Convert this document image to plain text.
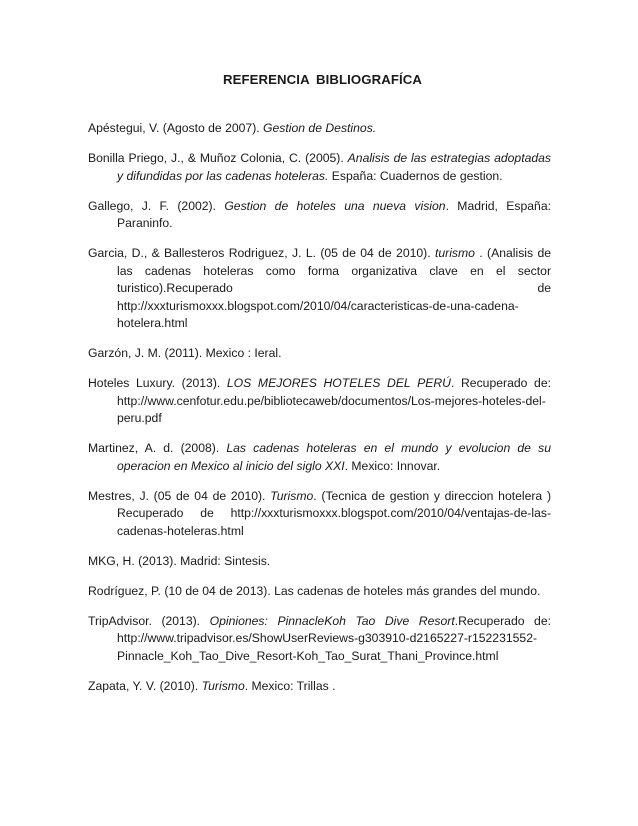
REFERENCIA BIBLIOGRAFÍCA

Apéstegui, V. (Agosto de 2007). Gestion de Destinos.

Bonilla Priego, J., & Muñoz Colonia, C. (2005). Analisis de las estrategias adoptadas y difundidas por las cadenas hoteleras. España: Cuadernos de gestion.

Gallego, J. F. (2002). Gestion de hoteles una nueva vision. Madrid, España: Paraninfo.

Garcia, D., & Ballesteros Rodriguez, J. L. (05 de 04 de 2010). turismo . (Analisis de las cadenas hoteleras como forma organizativa clave en el sector turistico).Recuperado de http://xxxturismoxxx.blogspot.com/2010/04/caracteristicas-de-una-cadena-hotelera.html

Garzón, J. M. (2011). Mexico : Ieral.

Hoteles Luxury. (2013). LOS MEJORES HOTELES DEL PERÚ. Recuperado de: http://www.cenfotur.edu.pe/bibliotecaweb/documentos/Los-mejores-hoteles-del-peru.pdf

Martinez, A. d. (2008). Las cadenas hoteleras en el mundo y evolucion de su operacion en Mexico al inicio del siglo XXI. Mexico: Innovar.

Mestres, J. (05 de 04 de 2010). Turismo. (Tecnica de gestion y direccion hotelera ) Recuperado de http://xxxturismoxxx.blogspot.com/2010/04/ventajas-de-las-cadenas-hoteleras.html

MKG, H. (2013). Madrid: Sintesis.

Rodríguez, P. (10 de 04 de 2013). Las cadenas de hoteles más grandes del mundo.

TripAdvisor. (2013). Opiniones: PinnacleKoh Tao Dive Resort.Recuperado de: http://www.tripadvisor.es/ShowUserReviews-g303910-d2165227-r152231552-Pinnacle_Koh_Tao_Dive_Resort-Koh_Tao_Surat_Thani_Province.html

Zapata, Y. V. (2010). Turismo. Mexico: Trillas .
